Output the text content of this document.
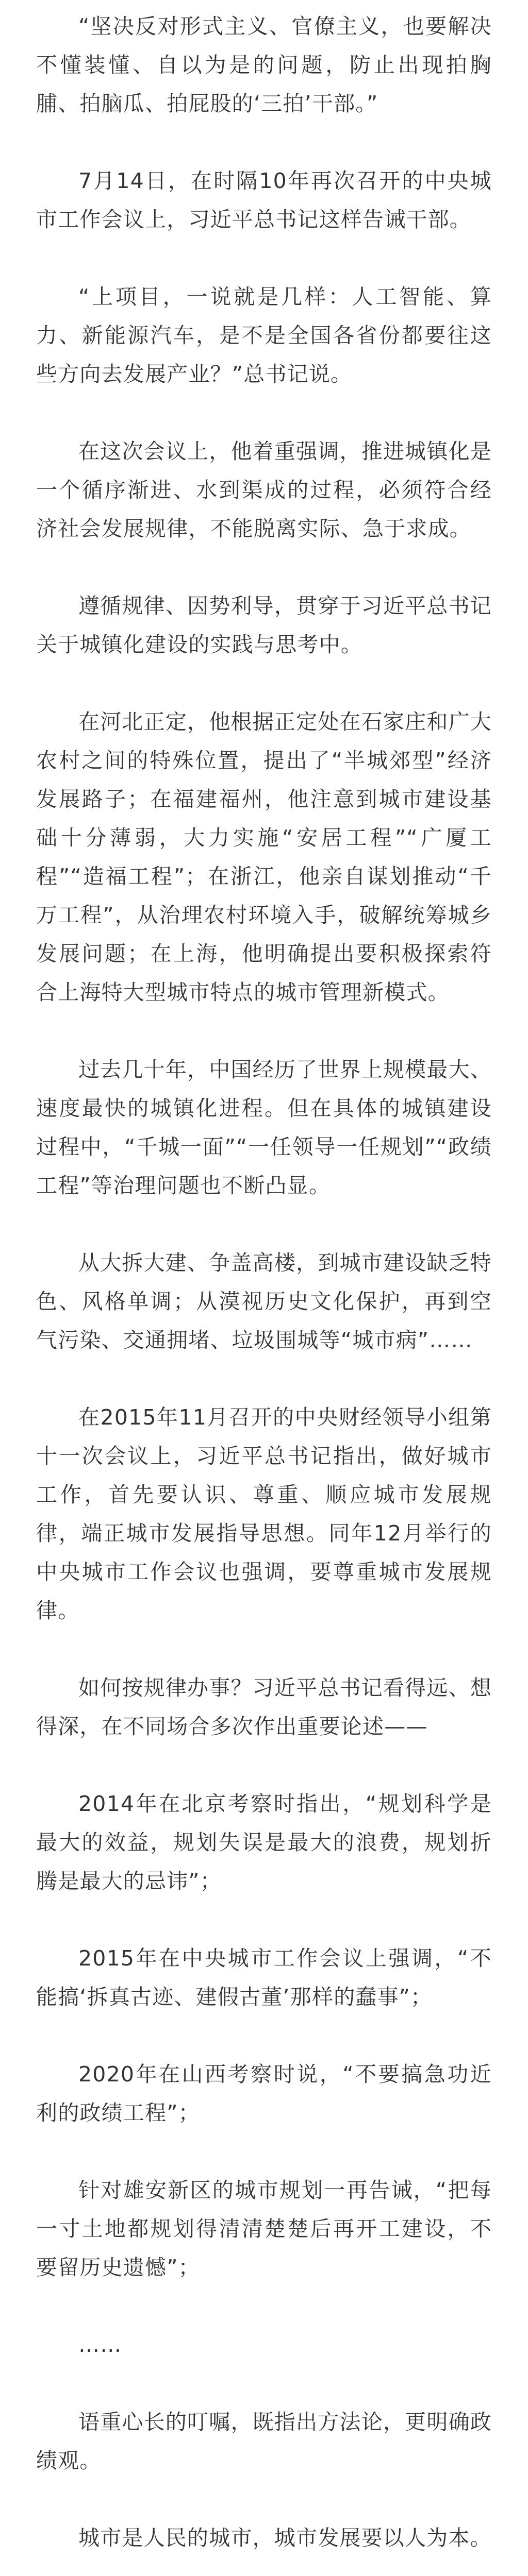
“坚决反对形式主义、官僚主义，也要解决不懂装懂、自以为是的问题，防止出现拍胸脯、拍脑瓜、拍屁股的‘三拍’干部。”

7月14日，在时隔10年再次召开的中央城市工作会议上，习近平总书记这样告诫干部。

“上项目，一说就是几样：人工智能、算力、新能源汽车，是不是全国各省份都要往这些方向去发展产业？”总书记说。

在这次会议上，他着重强调，推进城镇化是一个循序渐进、水到渠成的过程，必须符合经济社会发展规律，不能脱离实际、急于求成。

遵循规律、因势利导，贯穿于习近平总书记关于城镇化建设的实践与思考中。

在河北正定，他根据正定处在石家庄和广大农村之间的特殊位置，提出了“半城郊型”经济发展路子；在福建福州，他注意到城市建设基础十分薄弱，大力实施“安居工程”“广厦工程”“造福工程”；在浙江，他亲自谋划推动“千万工程”，从治理农村环境入手，破解统筹城乡发展问题；在上海，他明确提出要积极探索符合上海特大型城市特点的城市管理新模式。

过去几十年，中国经历了世界上规模最大、速度最快的城镇化进程。但在具体的城镇建设过程中，“千城一面”“一任领导一任规划”“政绩工程”等治理问题也不断凸显。

从大拆大建、争盖高楼，到城市建设缺乏特色、风格单调；从漠视历史文化保护，再到空气污染、交通拥堵、垃圾围城等“城市病”……

在2015年11月召开的中央财经领导小组第十一次会议上，习近平总书记指出，做好城市工作，首先要认识、尊重、顺应城市发展规律，端正城市发展指导思想。同年12月举行的中央城市工作会议也强调，要尊重城市发展规律。

如何按规律办事？习近平总书记看得远、想得深，在不同场合多次作出重要论述——

2014年在北京考察时指出，“规划科学是最大的效益，规划失误是最大的浪费，规划折腾是最大的忌讳”；

2015年在中央城市工作会议上强调，“不能搞‘拆真古迹、建假古董’那样的蠢事”；

2020年在山西考察时说，“不要搞急功近利的政绩工程”；

针对雄安新区的城市规划一再告诫，“把每一寸土地都规划得清清楚楚后再开工建设，不要留历史遗憾”；

……

语重心长的叮嘱，既指出方法论，更明确政绩观。

城市是人民的城市，城市发展要以人为本。
